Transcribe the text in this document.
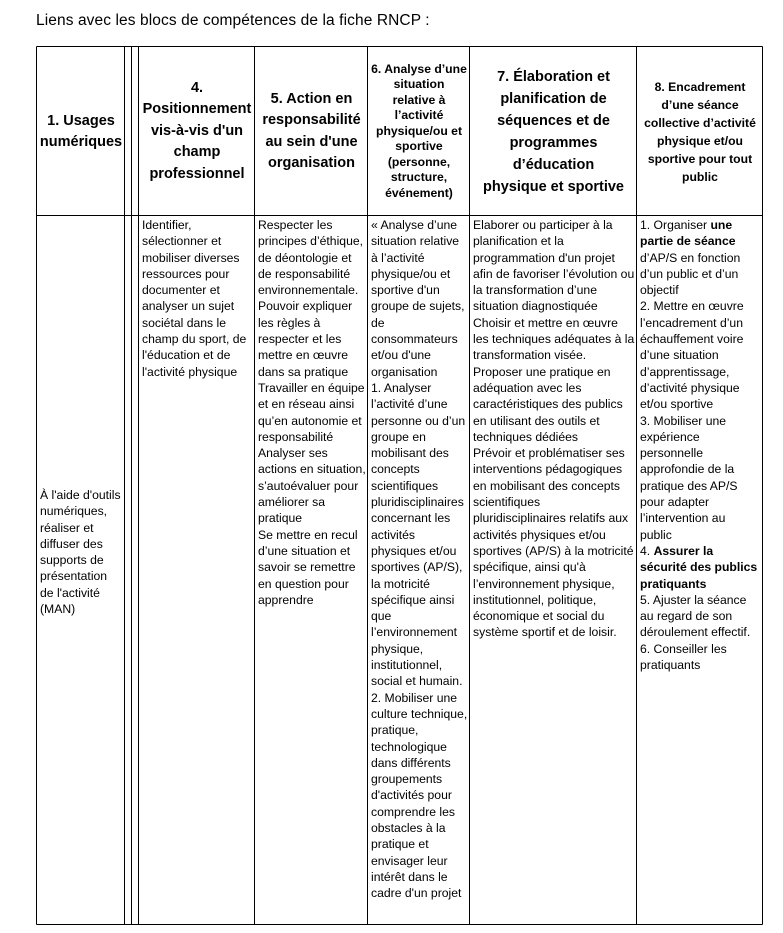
Liens avec les blocs de compétences de la fiche RNCP :
1. Usages numériques
4. Positionnement vis-à-vis d'un champ professionnel
5. Action en responsabilité au sein d'une organisation
6. Analyse d’une situation relative à l’activité physique/ou et sportive (personne, structure, événement)
7. Élaboration et planification de séquences et de programmes d’éducation physique et sportive
8. Encadrement d’une séance collective d’activité physique et/ou sportive pour tout public
À l'aide d'outils numériques, réaliser et diffuser des supports de présentation de l'activité (MAN)
Identifier, sélectionner et mobiliser diverses ressources pour documenter et analyser un sujet sociétal dans le champ du sport, de l'éducation et de l'activité physique
Respecter les principes d’éthique, de déontologie et de responsabilité environnementale. Pouvoir expliquer les règles à respecter et les mettre en œuvre dans sa pratique
Travailler en équipe et en réseau ainsi qu’en autonomie et responsabilité
Analyser ses actions en situation, s’autoévaluer pour améliorer sa pratique
Se mettre en recul d’une situation et savoir se remettre en question pour apprendre
« Analyse d’une situation relative à l’activité physique/ou et sportive d'un groupe de sujets, de consommateurs et/ou d'une organisation
1. Analyser l’activité d’une personne ou d’un groupe en mobilisant des concepts scientifiques pluridisciplinaires concernant les activités physiques et/ou sportives (AP/S), la motricité spécifique ainsi que l’environnement physique, institutionnel, social et humain.
2. Mobiliser une culture technique, pratique, technologique dans différents groupements d'activités pour comprendre les obstacles à la pratique et envisager leur intérêt dans le cadre d'un projet
Elaborer ou participer à la planification et la programmation d'un projet afin de favoriser l’évolution ou la transformation d’une situation diagnostiquée
Choisir et mettre en œuvre les techniques adéquates à la transformation visée.
Proposer une pratique en adéquation avec les caractéristiques des publics en utilisant des outils et techniques dédiées
Prévoir et problématiser ses interventions pédagogiques en mobilisant des concepts scientifiques pluridisciplinaires relatifs aux activités physiques et/ou sportives (AP/S) à la motricité spécifique, ainsi qu'à l’environnement physique, institutionnel, politique, économique et social du système sportif et de loisir.
1. Organiser une partie de séance d’AP/S en fonction d’un public et d’un objectif
2. Mettre en œuvre l’encadrement d’un échauffement voire d’une situation d’apprentissage, d’activité physique et/ou sportive
3. Mobiliser une expérience personnelle approfondie de la pratique des AP/S pour adapter l’intervention au public
4. Assurer la sécurité des publics pratiquants
5. Ajuster la séance au regard de son déroulement effectif.
6. Conseiller les pratiquants
